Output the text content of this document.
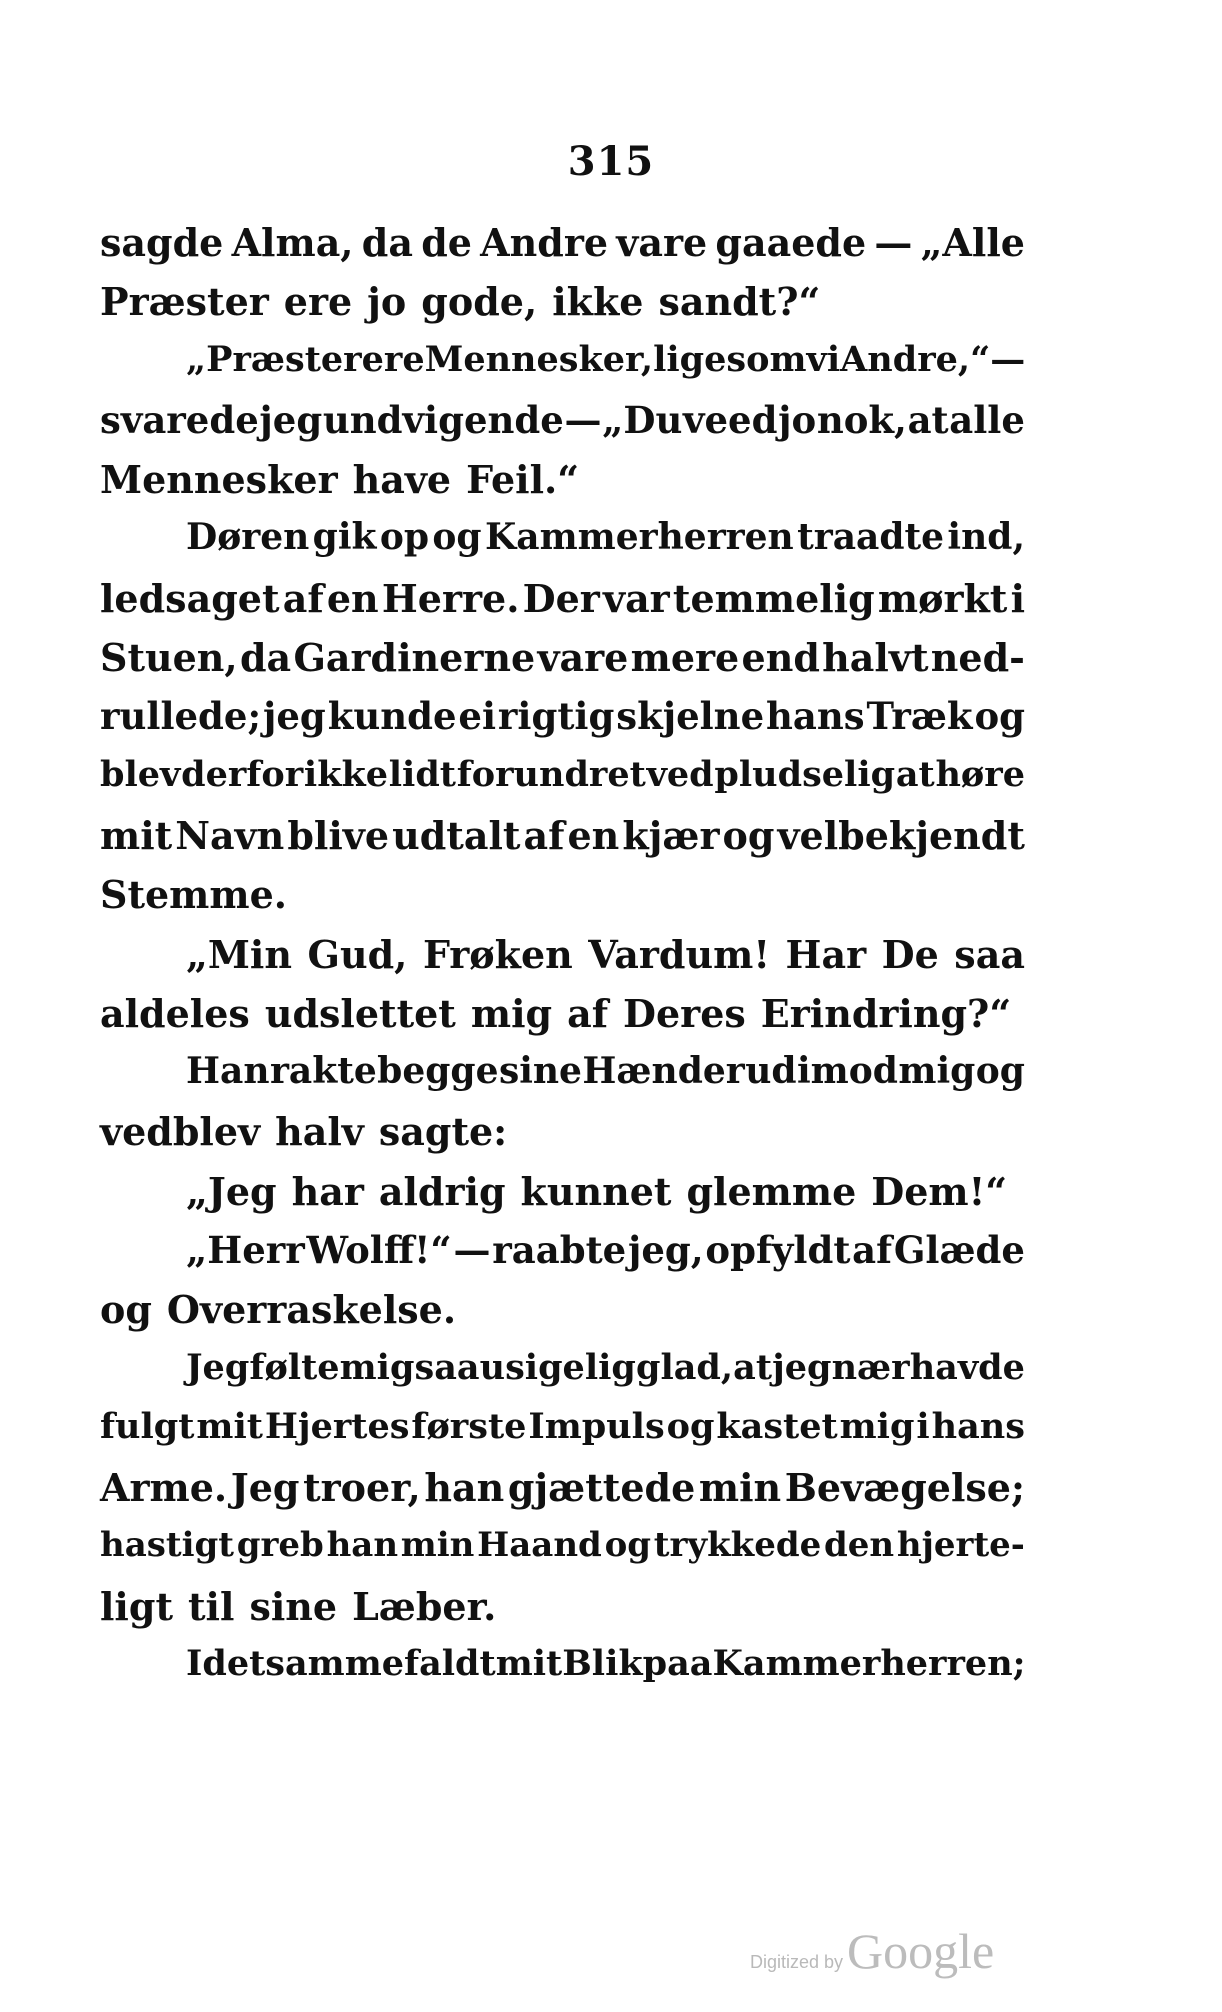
315
sagde Alma, da de Andre vare gaaede — „Alle
Præster ere jo gode, ikke sandt?“
„Præster ere Mennesker, ligesom vi Andre,“ —
svarede jeg undvigende — „Du veed jo nok, at alle
Mennesker have Feil.“
Døren gik op og Kammerherren traadte ind,
ledsaget af en Herre. Der var temmelig mørkt i
Stuen, da Gardinerne vare mere end halvt ned-
rullede; jeg kunde ei rigtig skjelne hans Træk og
blev derfor ikke lidt forundret ved pludselig at høre
mit Navn blive udtalt af en kjær og velbekjendt
Stemme.
„Min Gud, Frøken Vardum! Har De saa
aldeles udslettet mig af Deres Erindring?“
Han rakte begge sine Hænder ud imod mig og
vedblev halv sagte:
„Jeg har aldrig kunnet glemme Dem!“
„Herr Wolff!“ — raabte jeg, opfyldt af Glæde
og Overraskelse.
Jeg følte mig saa usigelig glad, at jeg nær havde
fulgt mit Hjertes første Impuls og kastet mig i hans
Arme. Jeg troer, han gjættede min Bevægelse;
hastigt greb han min Haand og trykkede den hjerte-
ligt til sine Læber.
I det samme faldt mit Blik paa Kammerherren;
Digitized by Google
